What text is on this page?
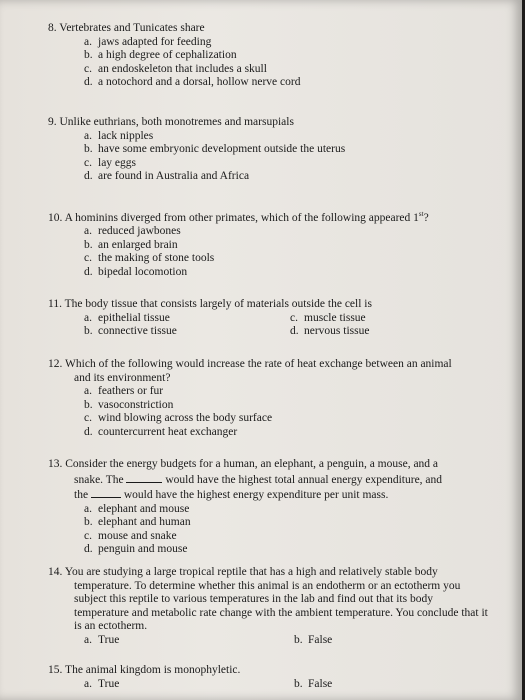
8. Vertebrates and Tunicates share
a. jaws adapted for feeding
b. a high degree of cephalization
c. an endoskeleton that includes a skull
d. a notochord and a dorsal, hollow nerve cord
9. Unlike euthrians, both monotremes and marsupials
a. lack nipples
b. have some embryonic development outside the uterus
c. lay eggs
d. are found in Australia and Africa
10. A hominins diverged from other primates, which of the following appeared 1st?
a. reduced jawbones
b. an enlarged brain
c. the making of stone tools
d. bipedal locomotion
11. The body tissue that consists largely of materials outside the cell is
a. epithelial tissue	c. muscle tissue
b. connective tissue	d. nervous tissue
12. Which of the following would increase the rate of heat exchange between an animal and its environment?
a. feathers or fur
b. vasoconstriction
c. wind blowing across the body surface
d. countercurrent heat exchanger
13. Consider the energy budgets for a human, an elephant, a penguin, a mouse, and a
snake. The	would have the highest total annual energy expenditure, and
the	would have the highest energy expenditure per unit mass.
a. elephant and mouse
b. elephant and human
c. mouse and snake
d. penguin and mouse
14. You are studying a large tropical reptile that has a high and relatively stable body temperature. To determine whether this animal is an endotherm or an ectotherm you subject this reptile to various temperatures in the lab and find out that its body temperature and metabolic rate change with the ambient temperature. You conclude that it is an ectotherm.
a. True	b. False
15. The animal kingdom is monophyletic.
a. True	b. False
